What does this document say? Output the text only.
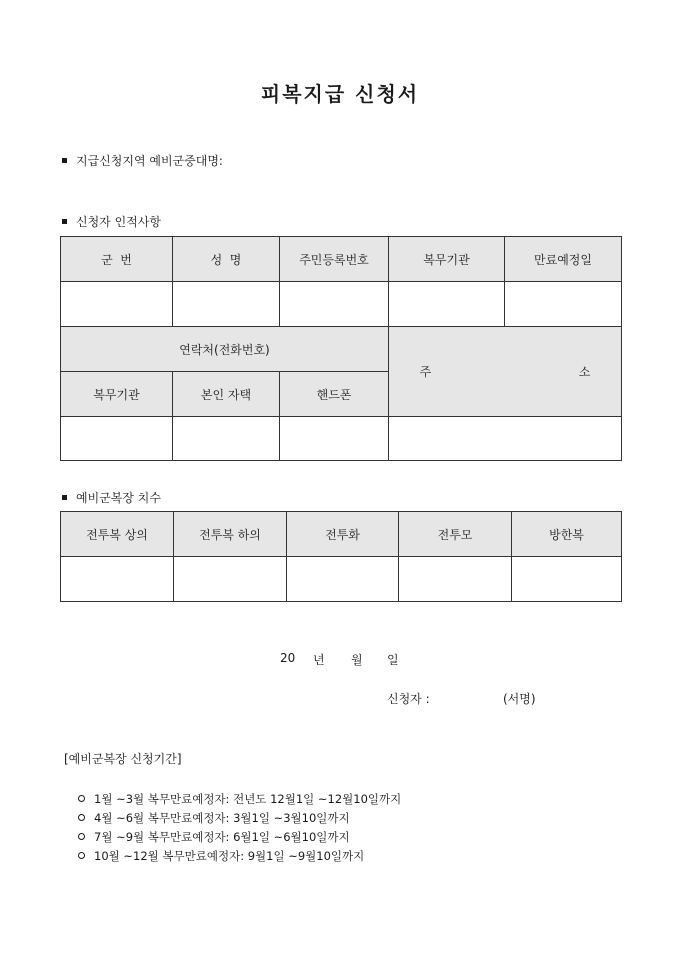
피복지급 신청서
지급신청지역 예비군중대명:
신청자 인적사항
군  번	성  명	주민등록번호	복무기관	만료예정일

연락처(전화번호)			주  소	
복무기관	본인 자택	핸드폰		

예비군복장 치수
전투복 상의	전투복 하의	전투화	전투모	방한복

20 년 월 일
신청자 :	(서명)
[예비군복장 신청기간]
1월 ~3월 복무만료예정자: 전년도 12월1일 ~12월10일까지
4월 ~6월 복무만료예정자: 3월1일 ~3월10일까지
7월 ~9월 복무만료예정자: 6월1일 ~6월10일까지
10월 ~12월 복무만료예정자: 9월1일 ~9월10일까지
